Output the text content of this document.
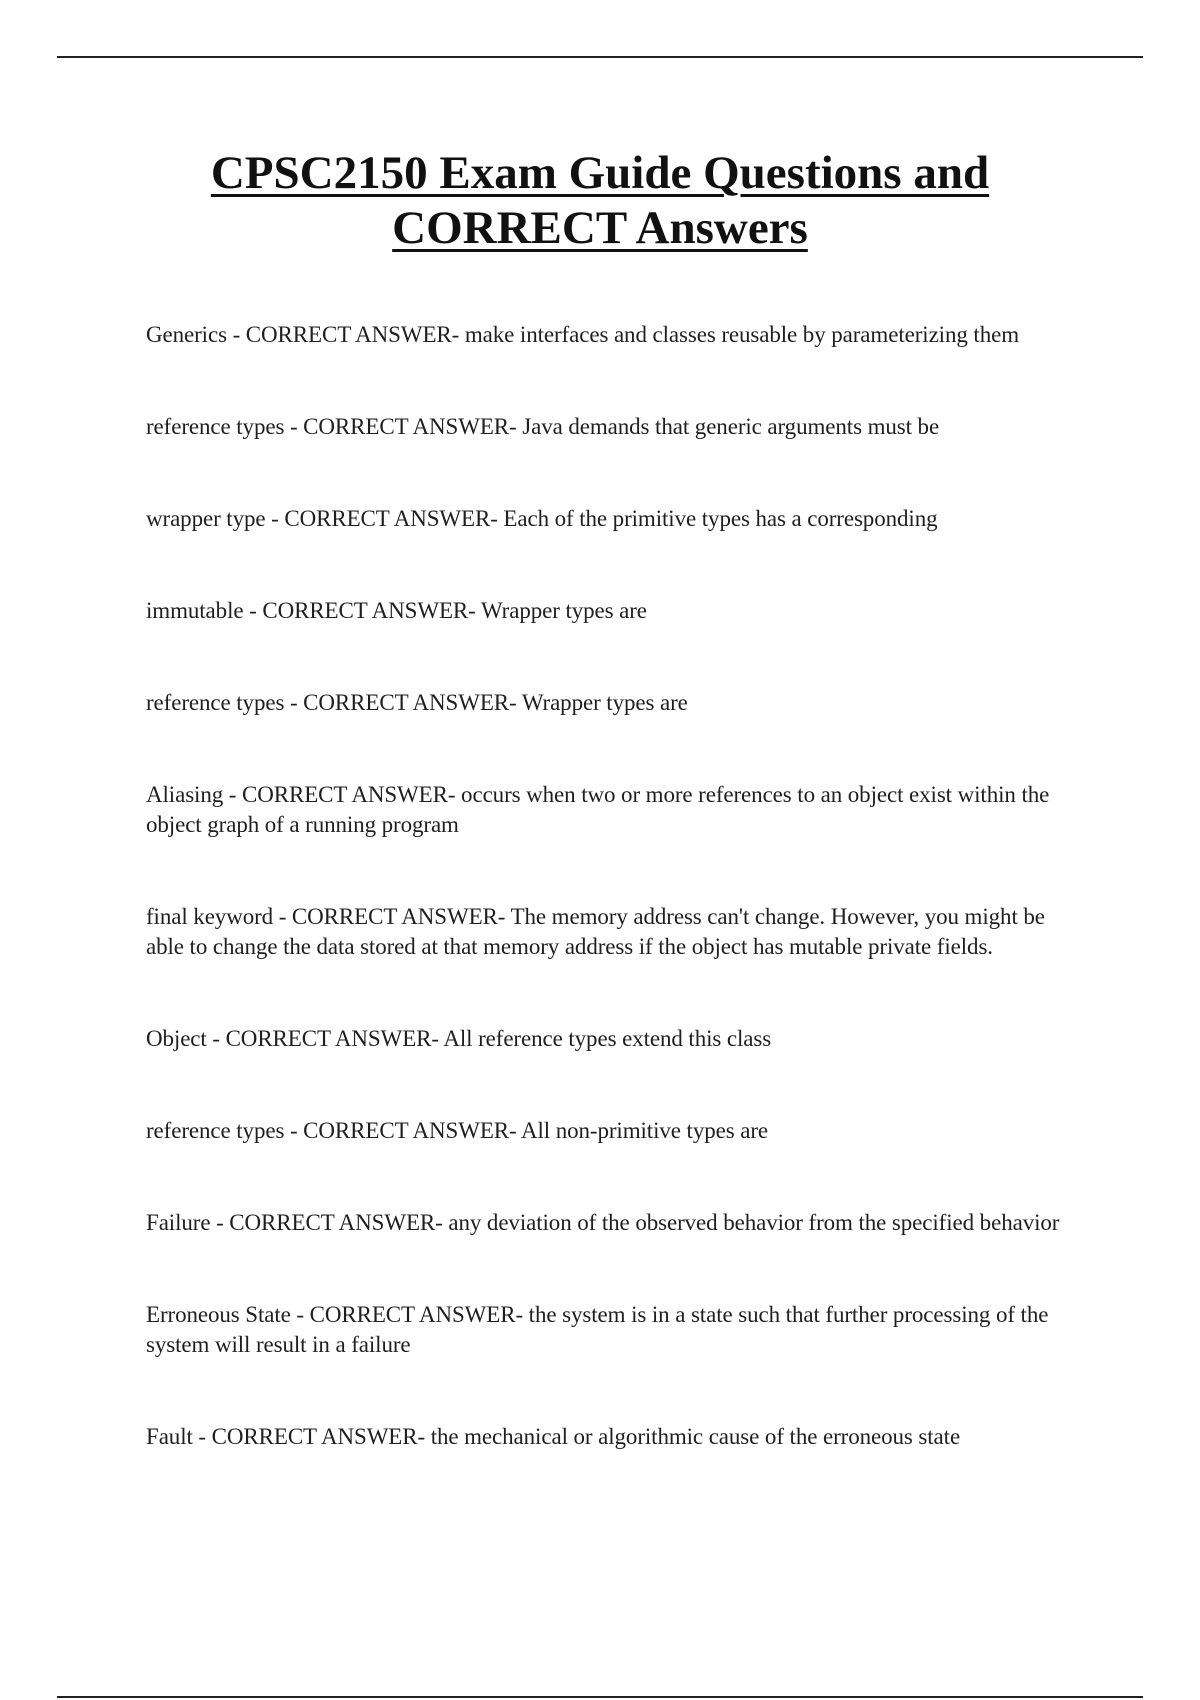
CPSC2150 Exam Guide Questions and CORRECT Answers
Generics - CORRECT ANSWER- make interfaces and classes reusable by parameterizing them
reference types - CORRECT ANSWER- Java demands that generic arguments must be
wrapper type - CORRECT ANSWER- Each of the primitive types has a corresponding
immutable - CORRECT ANSWER- Wrapper types are
reference types - CORRECT ANSWER- Wrapper types are
Aliasing - CORRECT ANSWER- occurs when two or more references to an object exist within the object graph of a running program
final keyword - CORRECT ANSWER- The memory address can't change. However, you might be able to change the data stored at that memory address if the object has mutable private fields.
Object - CORRECT ANSWER- All reference types extend this class
reference types - CORRECT ANSWER- All non-primitive types are
Failure - CORRECT ANSWER- any deviation of the observed behavior from the specified behavior
Erroneous State - CORRECT ANSWER- the system is in a state such that further processing of the system will result in a failure
Fault - CORRECT ANSWER- the mechanical or algorithmic cause of the erroneous state
